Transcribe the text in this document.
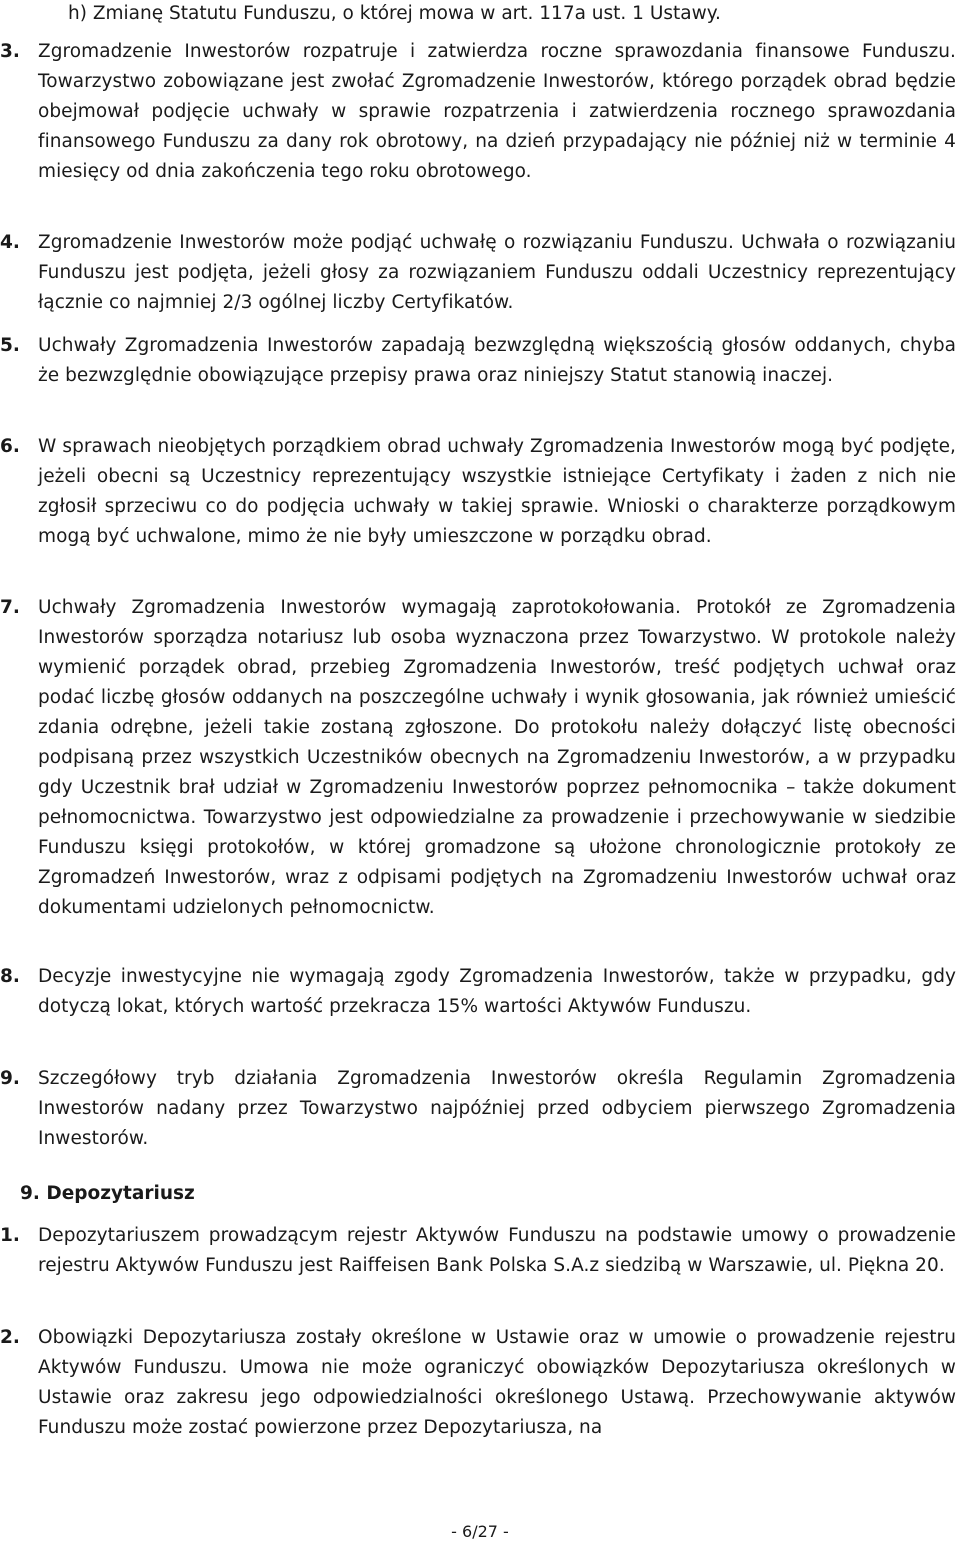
h) Zmianę Statutu Funduszu, o której mowa w art. 117a ust. 1 Ustawy.
3. Zgromadzenie Inwestorów rozpatruje i zatwierdza roczne sprawozdania finansowe Funduszu. Towarzystwo zobowiązane jest zwołać Zgromadzenie Inwestorów, którego porządek obrad będzie obejmował podjęcie uchwały w sprawie rozpatrzenia i zatwierdzenia rocznego sprawozdania finansowego Funduszu za dany rok obrotowy, na dzień przypadający nie później niż w terminie 4 miesięcy od dnia zakończenia tego roku obrotowego.
4. Zgromadzenie Inwestorów może podjąć uchwałę o rozwiązaniu Funduszu. Uchwała o rozwiązaniu Funduszu jest podjęta, jeżeli głosy za rozwiązaniem Funduszu oddali Uczestnicy reprezentujący łącznie co najmniej 2/3 ogólnej liczby Certyfikatów.
5. Uchwały Zgromadzenia Inwestorów zapadają bezwzględną większością głosów oddanych, chyba że bezwzględnie obowiązujące przepisy prawa oraz niniejszy Statut stanowią inaczej.
6. W sprawach nieobjętych porządkiem obrad uchwały Zgromadzenia Inwestorów mogą być podjęte, jeżeli obecni są Uczestnicy reprezentujący wszystkie istniejące Certyfikaty i żaden z nich nie zgłosił sprzeciwu co do podjęcia uchwały w takiej sprawie. Wnioski o charakterze porządkowym mogą być uchwalone, mimo że nie były umieszczone w porządku obrad.
7. Uchwały Zgromadzenia Inwestorów wymagają zaprotokołowania. Protokół ze Zgromadzenia Inwestorów sporządza notariusz lub osoba wyznaczona przez Towarzystwo. W protokole należy wymienić porządek obrad, przebieg Zgromadzenia Inwestorów, treść podjętych uchwał oraz podać liczbę głosów oddanych na poszczególne uchwały i wynik głosowania, jak również umieścić zdania odrębne, jeżeli takie zostaną zgłoszone. Do protokołu należy dołączyć listę obecności podpisaną przez wszystkich Uczestników obecnych na Zgromadzeniu Inwestorów, a w przypadku gdy Uczestnik brał udział w Zgromadzeniu Inwestorów poprzez pełnomocnika – także dokument pełnomocnictwa. Towarzystwo jest odpowiedzialne za prowadzenie i przechowywanie w siedzibie Funduszu księgi protokołów, w której gromadzone są ułożone chronologicznie protokoły ze Zgromadzeń Inwestorów, wraz z odpisami podjętych na Zgromadzeniu Inwestorów uchwał oraz dokumentami udzielonych pełnomocnictw.
8. Decyzje inwestycyjne nie wymagają zgody Zgromadzenia Inwestorów, także w przypadku, gdy dotyczą lokat, których wartość przekracza 15% wartości Aktywów Funduszu.
9. Szczegółowy tryb działania Zgromadzenia Inwestorów określa Regulamin Zgromadzenia Inwestorów nadany przez Towarzystwo najpóźniej przed odbyciem pierwszego Zgromadzenia Inwestorów.
9. Depozytariusz
1. Depozytariuszem prowadzącym rejestr Aktywów Funduszu na podstawie umowy o prowadzenie rejestru Aktywów Funduszu jest Raiffeisen Bank Polska S.A.z siedzibą w Warszawie, ul. Piękna 20.
2. Obowiązki Depozytariusza zostały określone w Ustawie oraz w umowie o prowadzenie rejestru Aktywów Funduszu. Umowa nie może ograniczyć obowiązków Depozytariusza określonych w Ustawie oraz zakresu jego odpowiedzialności określonego Ustawą. Przechowywanie aktywów Funduszu może zostać powierzone przez Depozytariusza, na
- 6/27 -
